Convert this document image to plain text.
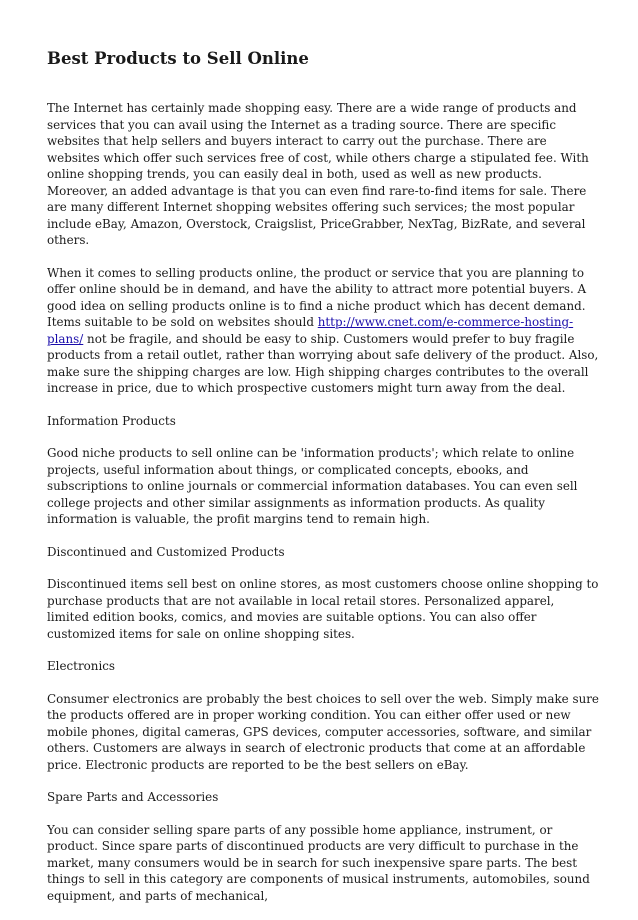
Best Products to Sell Online

The Internet has certainly made shopping easy. There are a wide range of products and services that you can avail using the Internet as a trading source. There are specific websites that help sellers and buyers interact to carry out the purchase. There are websites which offer such services free of cost, while others charge a stipulated fee. With online shopping trends, you can easily deal in both, used as well as new products. Moreover, an added advantage is that you can even find rare-to-find items for sale. There are many different Internet shopping websites offering such services; the most popular include eBay, Amazon, Overstock, Craigslist, PriceGrabber, NexTag, BizRate, and several others.

When it comes to selling products online, the product or service that you are planning to offer online should be in demand, and have the ability to attract more potential buyers. A good idea on selling products online is to find a niche product which has decent demand. Items suitable to be sold on websites should http://www.cnet.com/e-commerce-hosting-plans/ not be fragile, and should be easy to ship. Customers would prefer to buy fragile products from a retail outlet, rather than worrying about safe delivery of the product. Also, make sure the shipping charges are low. High shipping charges contributes to the overall increase in price, due to which prospective customers might turn away from the deal.

Information Products

Good niche products to sell online can be 'information products'; which relate to online projects, useful information about things, or complicated concepts, ebooks, and subscriptions to online journals or commercial information databases. You can even sell college projects and other similar assignments as information products. As quality information is valuable, the profit margins tend to remain high.

Discontinued and Customized Products

Discontinued items sell best on online stores, as most customers choose online shopping to purchase products that are not available in local retail stores. Personalized apparel, limited edition books, comics, and movies are suitable options. You can also offer customized items for sale on online shopping sites.

Electronics

Consumer electronics are probably the best choices to sell over the web. Simply make sure the products offered are in proper working condition. You can either offer used or new mobile phones, digital cameras, GPS devices, computer accessories, software, and similar others. Customers are always in search of electronic products that come at an affordable price. Electronic products are reported to be the best sellers on eBay.

Spare Parts and Accessories

You can consider selling spare parts of any possible home appliance, instrument, or product. Since spare parts of discontinued products are very difficult to purchase in the market, many consumers would be in search for such inexpensive spare parts. The best things to sell in this category are components of musical instruments, automobiles, sound equipment, and parts of mechanical,
